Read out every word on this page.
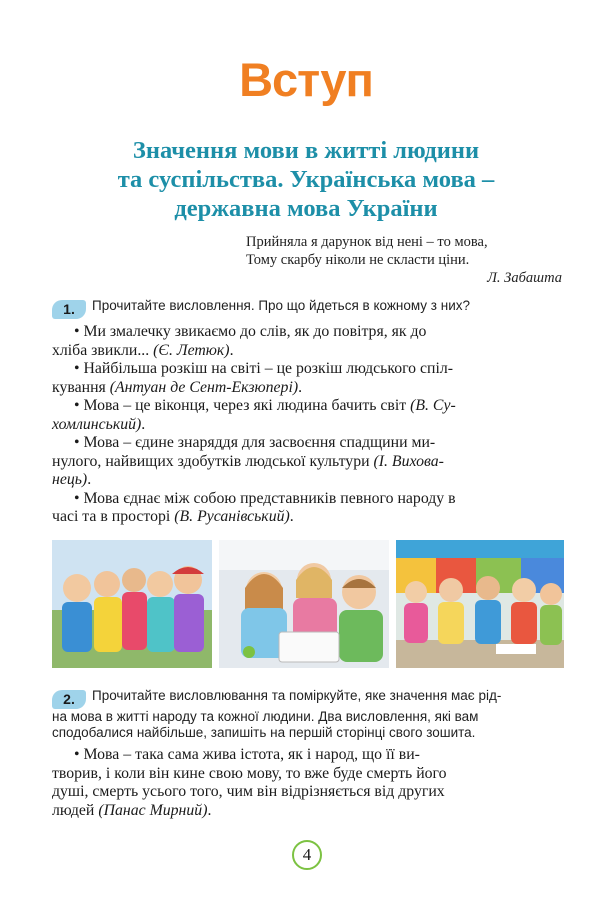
Вступ
Значення мови в житті людини
та суспільства. Українська мова –
державна мова України
Прийняла я дарунок від нені – то мова,
Тому скарбу ніколи не скласти ціни.
Л. Забашта
1. Прочитайте висловлення. Про що йдеться в кожному з них?
• Ми змалечку звикаємо до слів, як до повітря, як до
хліба звикли... (Є. Летюк).
• Найбільша розкіш на світі – це розкіш людського спіл-
кування (Антуан де Сент-Екзюпері).
• Мова – це віконця, через які людина бачить світ (В. Су-
хомлинський).
• Мова – єдине знаряддя для засвоєння спадщини ми-
нулого, найвищих здобутків людської культури (І. Вихова-
нець).
• Мова єднає між собою представників певного народу в
часі та в просторі (В. Русанівський).
2. Прочитайте висловлювання та поміркуйте, яке значення має рід-
на мова в житті народу та кожної людини. Два висловлення, які вам
сподобалися найбільше, запишіть на першій сторінці свого зошита.
• Мова – така сама жива істота, як і народ, що її ви-
творив, і коли він кине свою мову, то вже буде смерть його
душі, смерть усього того, чим він відрізняється від других
людей (Панас Мирний).
4
